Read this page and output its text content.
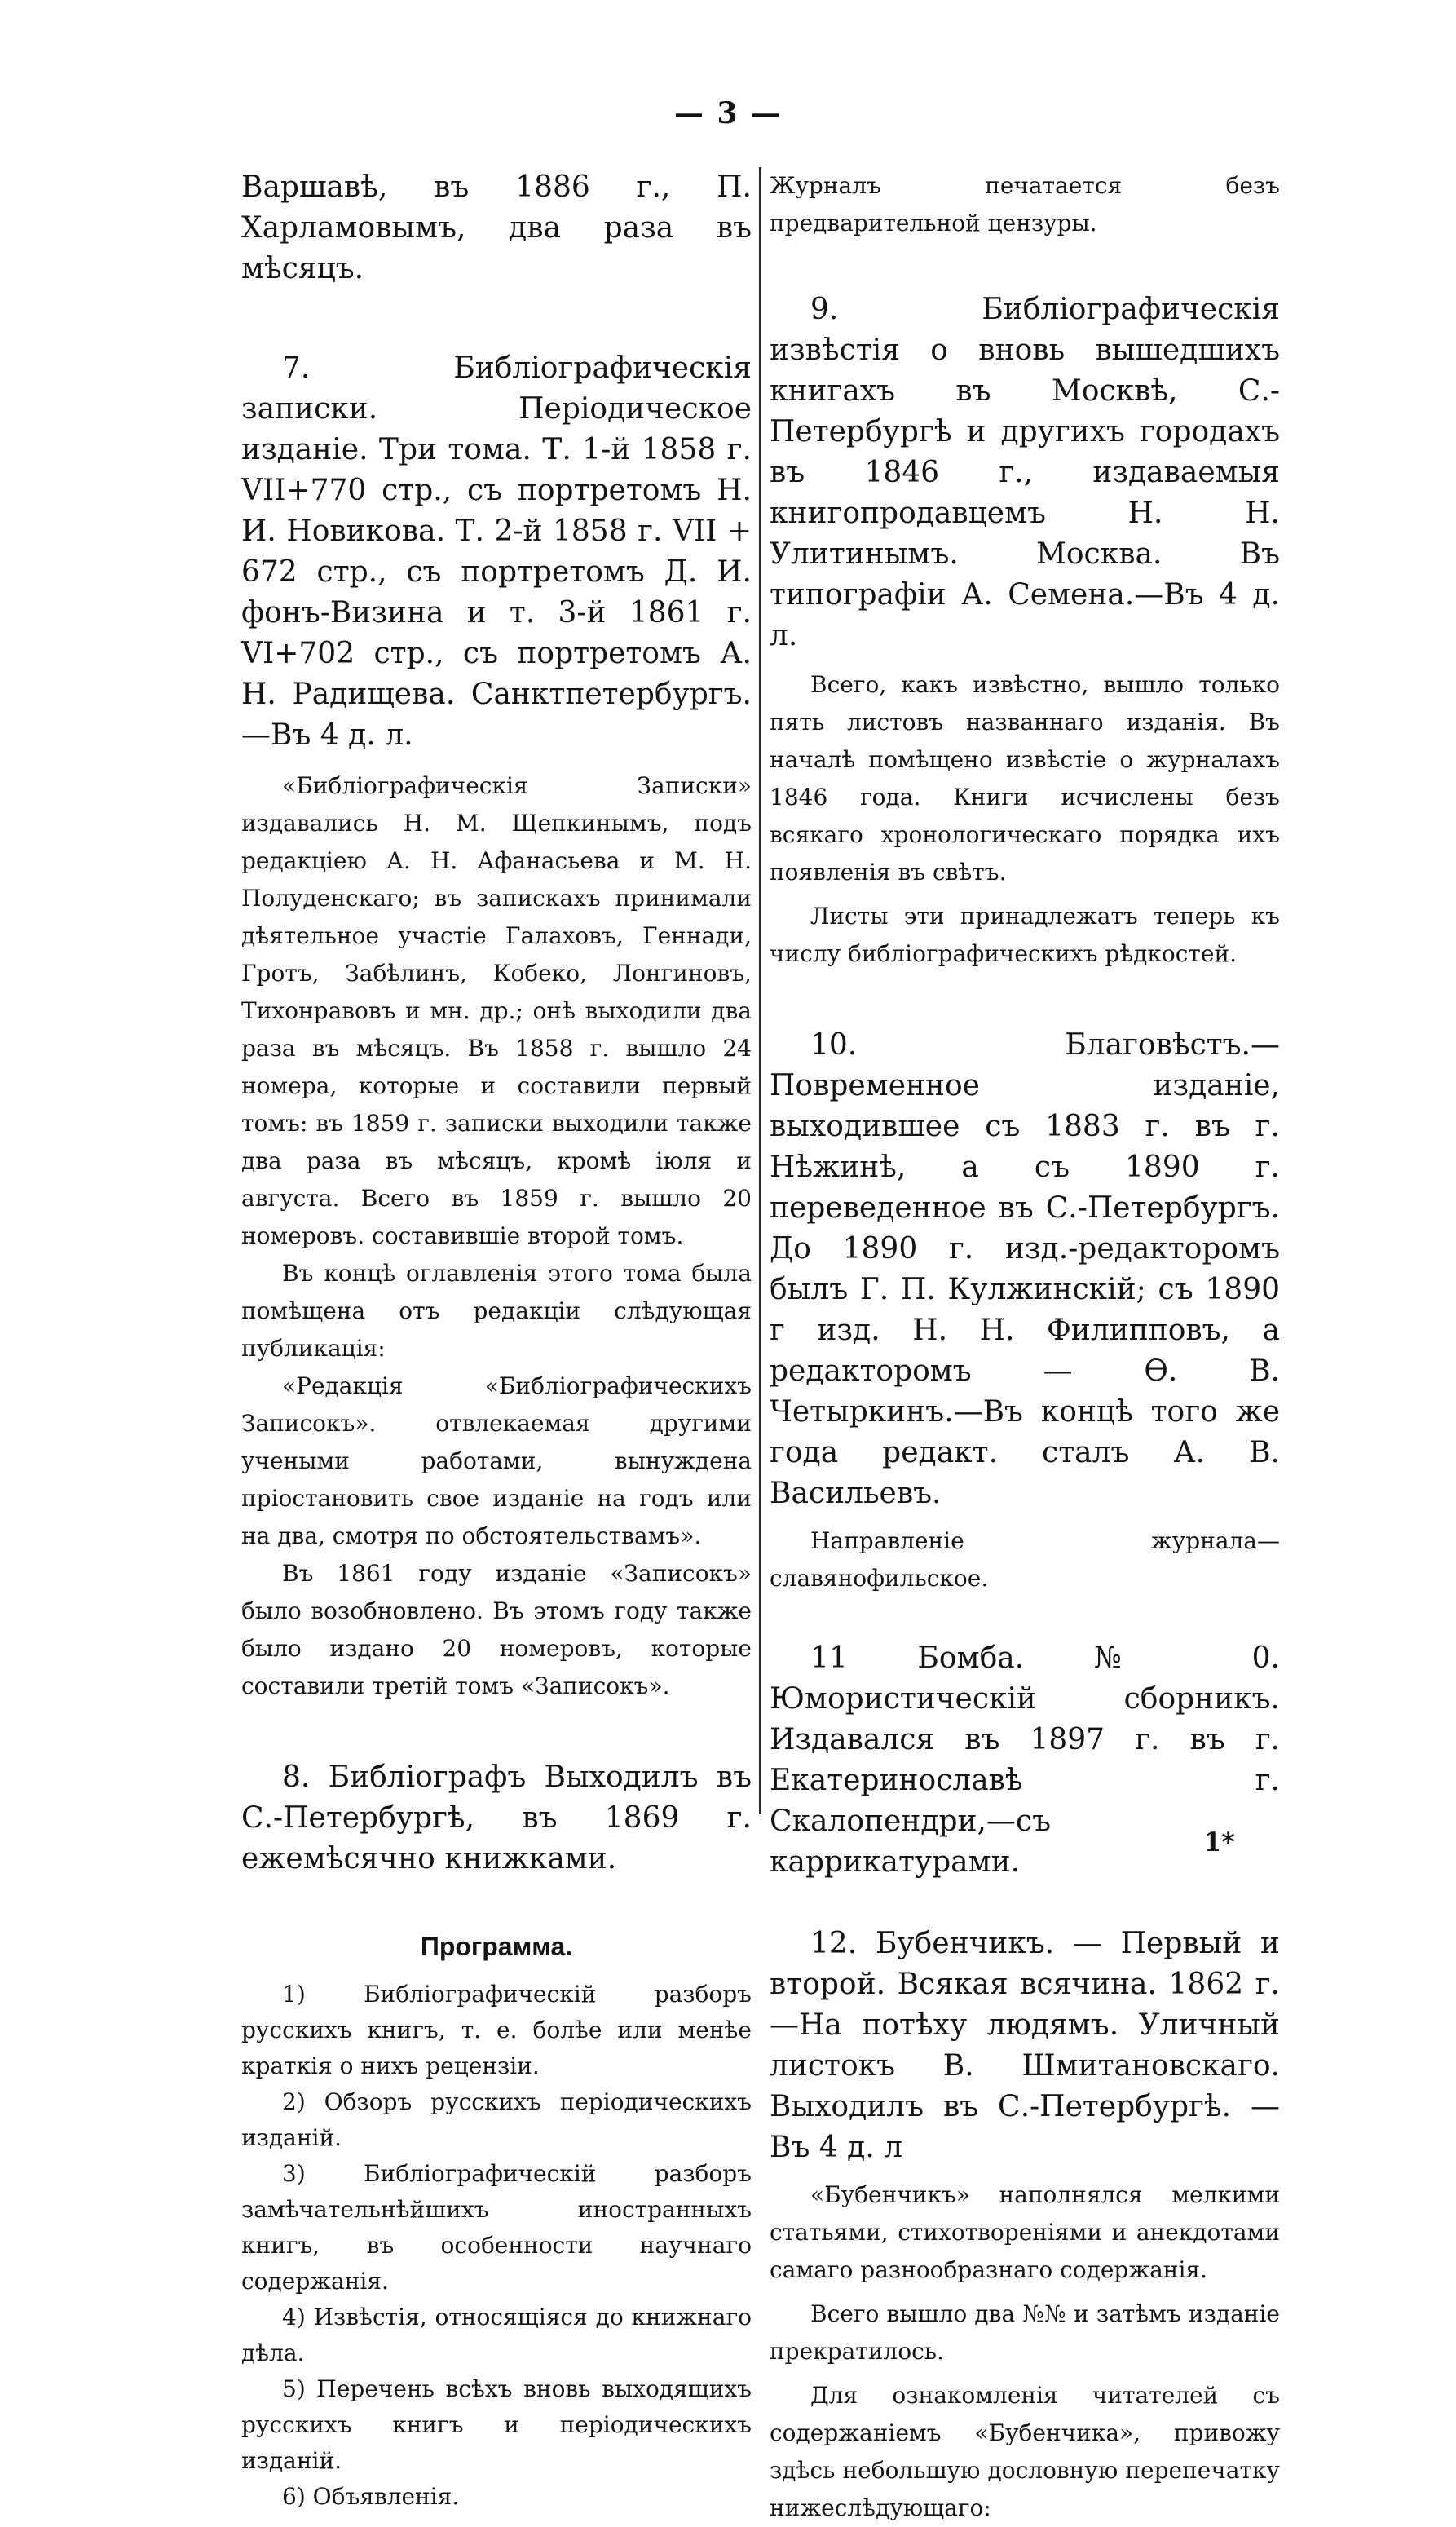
— 3 —

Варшавѣ, въ 1886 г., П. Харламовымъ, два раза въ мѣсяцъ.

7. Библіографическія записки. Періодическое изданіе. Три тома. Т. 1-й 1858 г. VII+770 стр., съ портретомъ Н. И. Новикова. Т. 2-й 1858 г. VII + 672 стр., съ портретомъ Д. И. фонъ-Визина и т. 3-й 1861 г. VI+702 стр., съ портретомъ А. Н. Радищева. Санктпетербургъ.—Въ 4 д. л.

«Библіографическія Записки» издавались Н. М. Щепкинымъ, подъ редакціею А. Н. Афанасьева и М. Н. Полуденскаго; въ запискахъ принимали дѣятельное участіе Галаховъ, Геннади, Гротъ, Забѣлинъ, Кобеко, Лонгиновъ, Тихонравовъ и мн. др.; онѣ выходили два раза въ мѣсяцъ. Въ 1858 г. вышло 24 номера, которые и составили первый томъ: въ 1859 г. записки выходили также два раза въ мѣсяцъ, кромѣ іюля и августа. Всего въ 1859 г. вышло 20 номеровъ. составившіе второй томъ.

Въ концѣ оглавленія этого тома была помѣщена отъ редакціи слѣдующая публикація:

«Редакція «Библіографическихъ Записокъ». отвлекаемая другими учеными работами, вынуждена пріостановить свое изданіе на годъ или на два, смотря по обстоятельствамъ».

Въ 1861 году изданіе «Записокъ» было возобновлено. Въ этомъ году также было издано 20 номеровъ, которые составили третій томъ «Записокъ».

8. Библіографъ Выходилъ въ С.-Петербургѣ, въ 1869 г. ежемѣсячно книжками.

Программа.

1) Библіографическій разборъ русскихъ книгъ, т. е. болѣе или менѣе краткія о нихъ рецензіи.

2) Обзоръ русскихъ періодическихъ изданій.

3) Библіографическій разборъ замѣчательнѣйшихъ иностранныхъ книгъ, въ особенности научнаго содержанія.

4) Извѣстія, относящіяся до книжнаго дѣла.

5) Перечень всѣхъ вновь выходящихъ русскихъ книгъ и періодическихъ изданій.

6) Объявленія.

Журналъ печатается безъ предварительной цензуры.

9. Библіографическія извѣстія о вновь вышедшихъ книгахъ въ Москвѣ, С.-Петербургѣ и другихъ городахъ въ 1846 г., издаваемыя книгопродавцемъ Н. Н. Улитинымъ. Москва. Въ типографіи А. Семена.—Въ 4 д. л.

Всего, какъ извѣстно, вышло только пять листовъ названнаго изданія. Въ началѣ помѣщено извѣстіе о журналахъ 1846 года. Книги исчислены безъ всякаго хронологическаго порядка ихъ появленія въ свѣтъ.

Листы эти принадлежатъ теперь къ числу библіографическихъ рѣдкостей.

10. Благовѣстъ.—Повременное изданіе, выходившее съ 1883 г. въ г. Нѣжинѣ, а съ 1890 г. переведенное въ С.-Петербургъ. До 1890 г. изд.-редакторомъ былъ Г. П. Кулжинскій; съ 1890 г изд. Н. Н. Филипповъ, а редакторомъ — Ѳ. В. Четыркинъ.—Въ концѣ того же года редакт. сталъ А. В. Васильевъ.

Направленіе журнала—славянофильское.

11 Бомба. № 0. Юмористическій сборникъ. Издавался въ 1897 г. въ г. Екатеринославѣ г. Скалопендри,—съ каррикатурами.

12. Бубенчикъ. — Первый и второй. Всякая всячина. 1862 г.—На потѣху людямъ. Уличный листокъ В. Шмитановскаго. Выходилъ въ С.-Петербургѣ. — Въ 4 д. л

«Бубенчикъ» наполнялся мелкими статьями, стихотвореніями и анекдотами самаго разнообразнаго содержанія.

Всего вышло два №№ и затѣмъ изданіе прекратилось.

Для ознакомленія читателей съ содержаніемъ «Бубенчика», привожу здѣсь небольшую дословную перепечатку нижеслѣдующаго:

1*
